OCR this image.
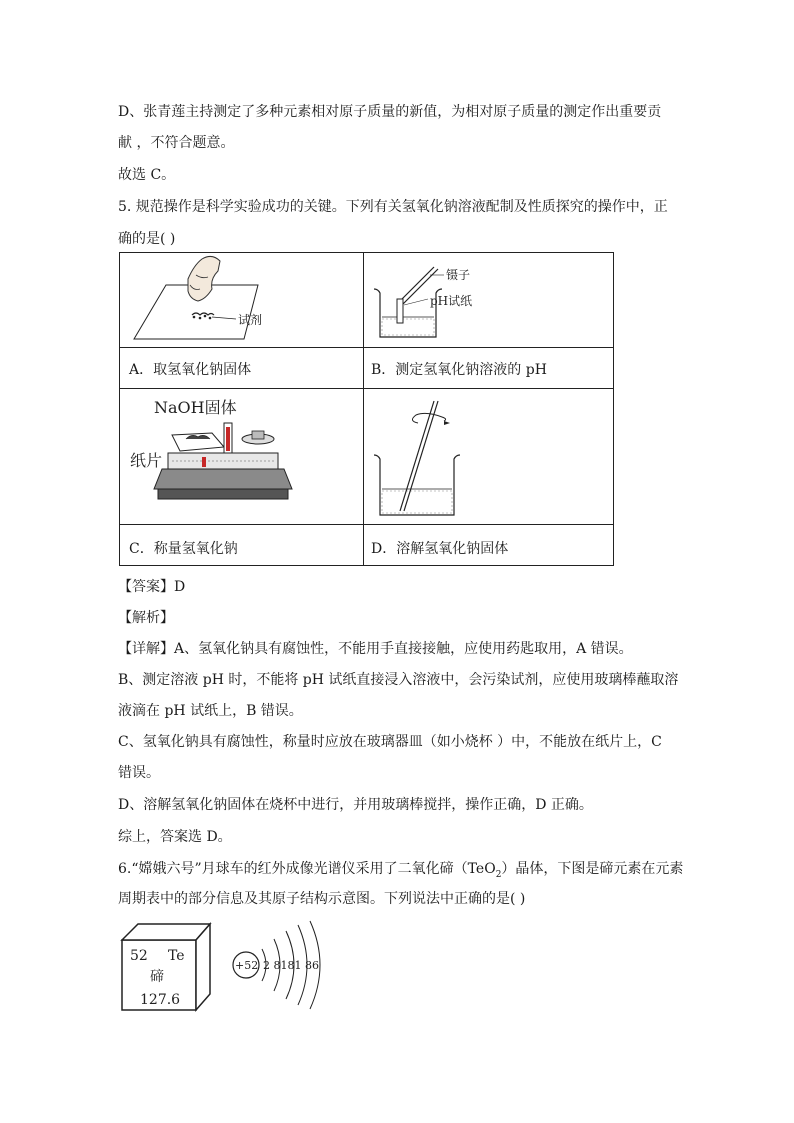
D、张青莲主持测定了多种元素相对原子质量的新值，为相对原子质量的测定作出重要贡
献 ，不符合题意。
故选 C。
5. 规范操作是科学实验成功的关键。下列有关氢氧化钠溶液配制及性质探究的操作中，正
确的是( )
试剂
A．取氢氧化钠固体
镊子
pH试纸
B．测定氢氧化钠溶液的 pH
NaOH固体
纸片
C．称量氢氧化钠	D．溶解氢氧化钠固体
【答案】D
【解析】
【详解】A、氢氧化钠具有腐蚀性，不能用手直接接触，应使用药匙取用，A 错误。
B、测定溶液 pH 时，不能将 pH 试纸直接浸入溶液中，会污染试剂，应使用玻璃棒蘸取溶
液滴在 pH 试纸上，B 错误。
C、氢氧化钠具有腐蚀性，称量时应放在玻璃器皿（如小烧杯 ）中，不能放在纸片上，C
错误。
D、溶解氢氧化钠固体在烧杯中进行，并用玻璃棒搅拌，操作正确，D 正确。
综上，答案选 D。
6.“嫦娥六号”月球车的红外成像光谱仪采用了二氧化碲（TeO$_2$）晶体，下图是碲元素在元素
周期表中的部分信息及其原子结构示意图。下列说法中正确的是( )
52 Te
碲
127.6
+52 2 8181 86
